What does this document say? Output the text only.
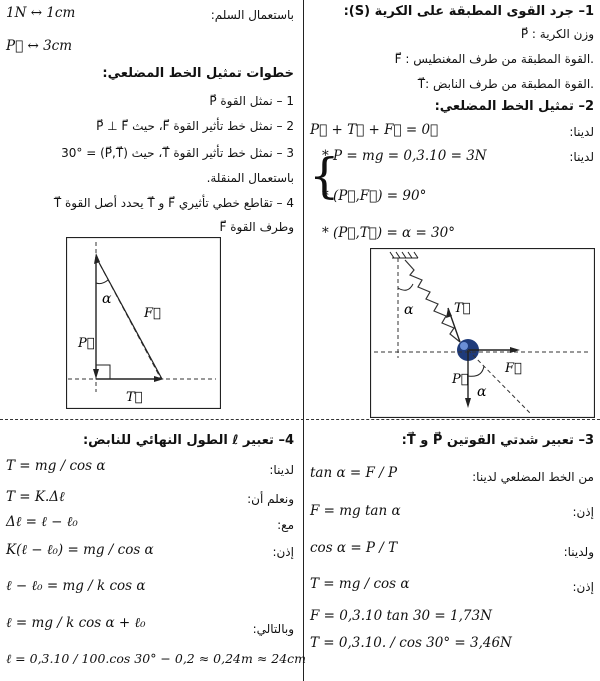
1– جرد القوى المطبقة على الكرية (S):
P⃗ : وزن الكرية
F⃗ : القوة المطبقة من طرف المغنطيس.
T⃗: القوة المطبقة من طرف النابض.
2– تمثيل الخط المضلعي:
لدينا:
P⃗ + T⃗ + F⃗ = 0⃗
لدينا:
{
* P = mg = 0,3.10 = 3N
* (P⃗,F⃗) = 90°
* (P⃗,T⃗) = α = 30°
α	T⃗
P⃗
F⃗
α
1N ↔ 1cm	باستعمال السلم:
P⃗ ↔ 3cm
خطوات تمثيل الخط المضلعي:
1 – نمثل القوة P⃗
2 – نمثل خط تأثير القوة F⃗، حيث P⃗ ⊥ F⃗
3 – نمثل خط تأثير القوة T⃗، حيث (P⃗,T⃗) = 30°
باستعمال المنقلة.
4 – تقاطع خطي تأثيري F⃗ و T⃗ يحدد أصل القوة T⃗
وطرف القوة F⃗
P⃗
T⃗
F⃗
α
3– تعبير شدتي القوتين P⃗ و T⃗:
من الخط المضلعي لدينا:
tan α = F / P
إذن:
F = mg tan α
ولدينا:
cos α = P / T
إذن:
T = mg / cos α
F = 0,3.10 tan 30 = 1,73N
T = 0,3.10. / cos 30° = 3,46N
4– تعبير ℓ الطول النهائي للنابض:
لدينا:
T = mg / cos α
ونعلم أن:
T = K.Δℓ
مع:
Δℓ = ℓ − ℓ₀
إذن:
K(ℓ − ℓ₀) = mg / cos α
ℓ − ℓ₀ = mg / k cos α
وبالتالي:
ℓ = mg / k cos α + ℓ₀
ℓ = 0,3.10 / 100.cos 30° − 0,2 ≈ 0,24m ≈ 24cm
